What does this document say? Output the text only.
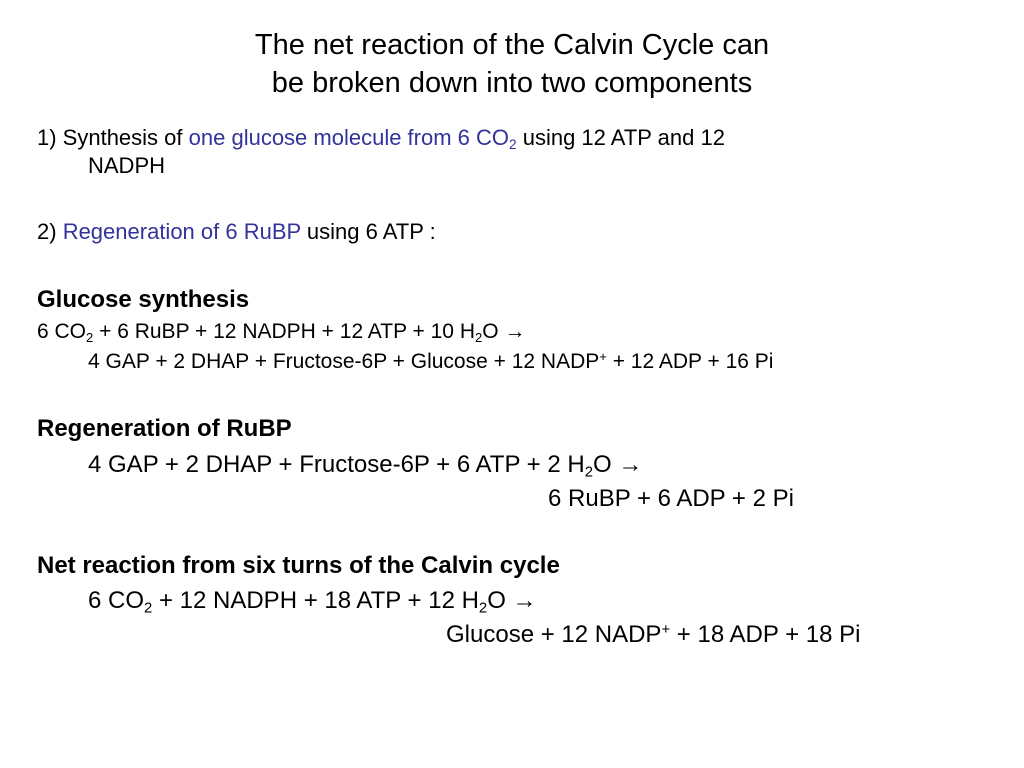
The net reaction of the Calvin Cycle can
be broken down into two components
1) Synthesis of one glucose molecule from 6 $CO_2$ using 12 ATP and 12
NADPH
2) Regeneration of 6 RuBP using 6 ATP :
Glucose synthesis
6 $CO_2 + 6$ RuBP + 12 NADPH + 12 ATP + 10 $H_2O$ →
4 GAP + 2 DHAP + Fructose-6P + Glucose + 12 NADP+ + 12 ADP + 16 Pi
Regeneration of RuBP
4 GAP + 2 DHAP + Fructose-6P + 6 ATP + 2 $H_2O$ →
6 RuBP + 6 ADP + 2 Pi
Net reaction from six turns of the Calvin cycle
6 $CO_2 + 12$ NADPH + 18 ATP + 12 $H_2O$ →
Glucose + 12 NADP+ + 18 ADP + 18 Pi
